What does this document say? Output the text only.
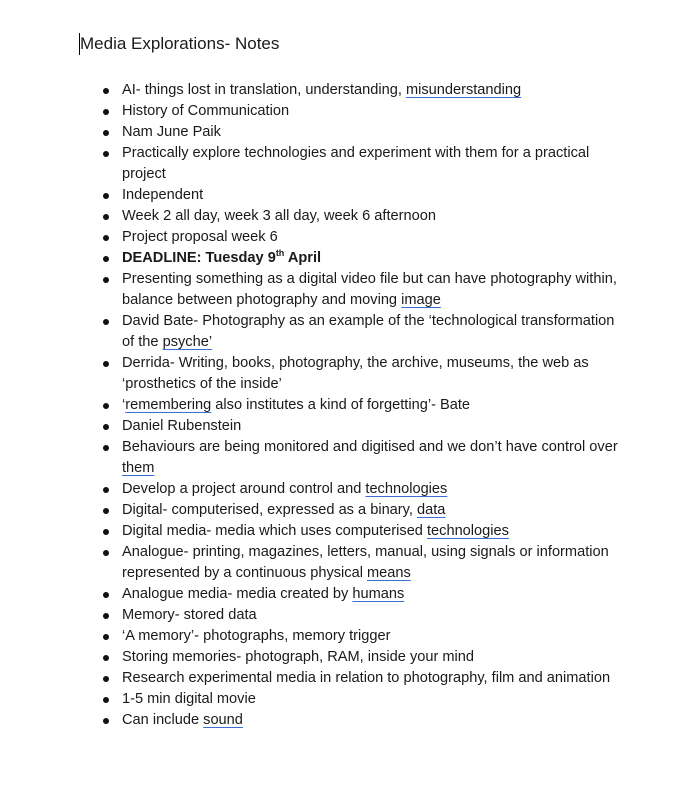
Media Explorations- Notes
AI- things lost in translation, understanding, misunderstanding
History of Communication
Nam June Paik
Practically explore technologies and experiment with them for a practical project
Independent
Week 2 all day, week 3 all day, week 6 afternoon
Project proposal week 6
DEADLINE: Tuesday 9th April
Presenting something as a digital video file but can have photography within, balance between photography and moving image
David Bate- Photography as an example of the ‘technological transformation of the psyche’
Derrida- Writing, books, photography, the archive, museums, the web as ‘prosthetics of the inside’
‘remembering also institutes a kind of forgetting’- Bate
Daniel Rubenstein
Behaviours are being monitored and digitised and we don’t have control over them
Develop a project around control and technologies
Digital- computerised, expressed as a binary, data
Digital media- media which uses computerised technologies
Analogue- printing, magazines, letters, manual, using signals or information represented by a continuous physical means
Analogue media- media created by humans
Memory- stored data
‘A memory’- photographs, memory trigger
Storing memories- photograph, RAM, inside your mind
Research experimental media in relation to photography, film and animation
1-5 min digital movie
Can include sound
